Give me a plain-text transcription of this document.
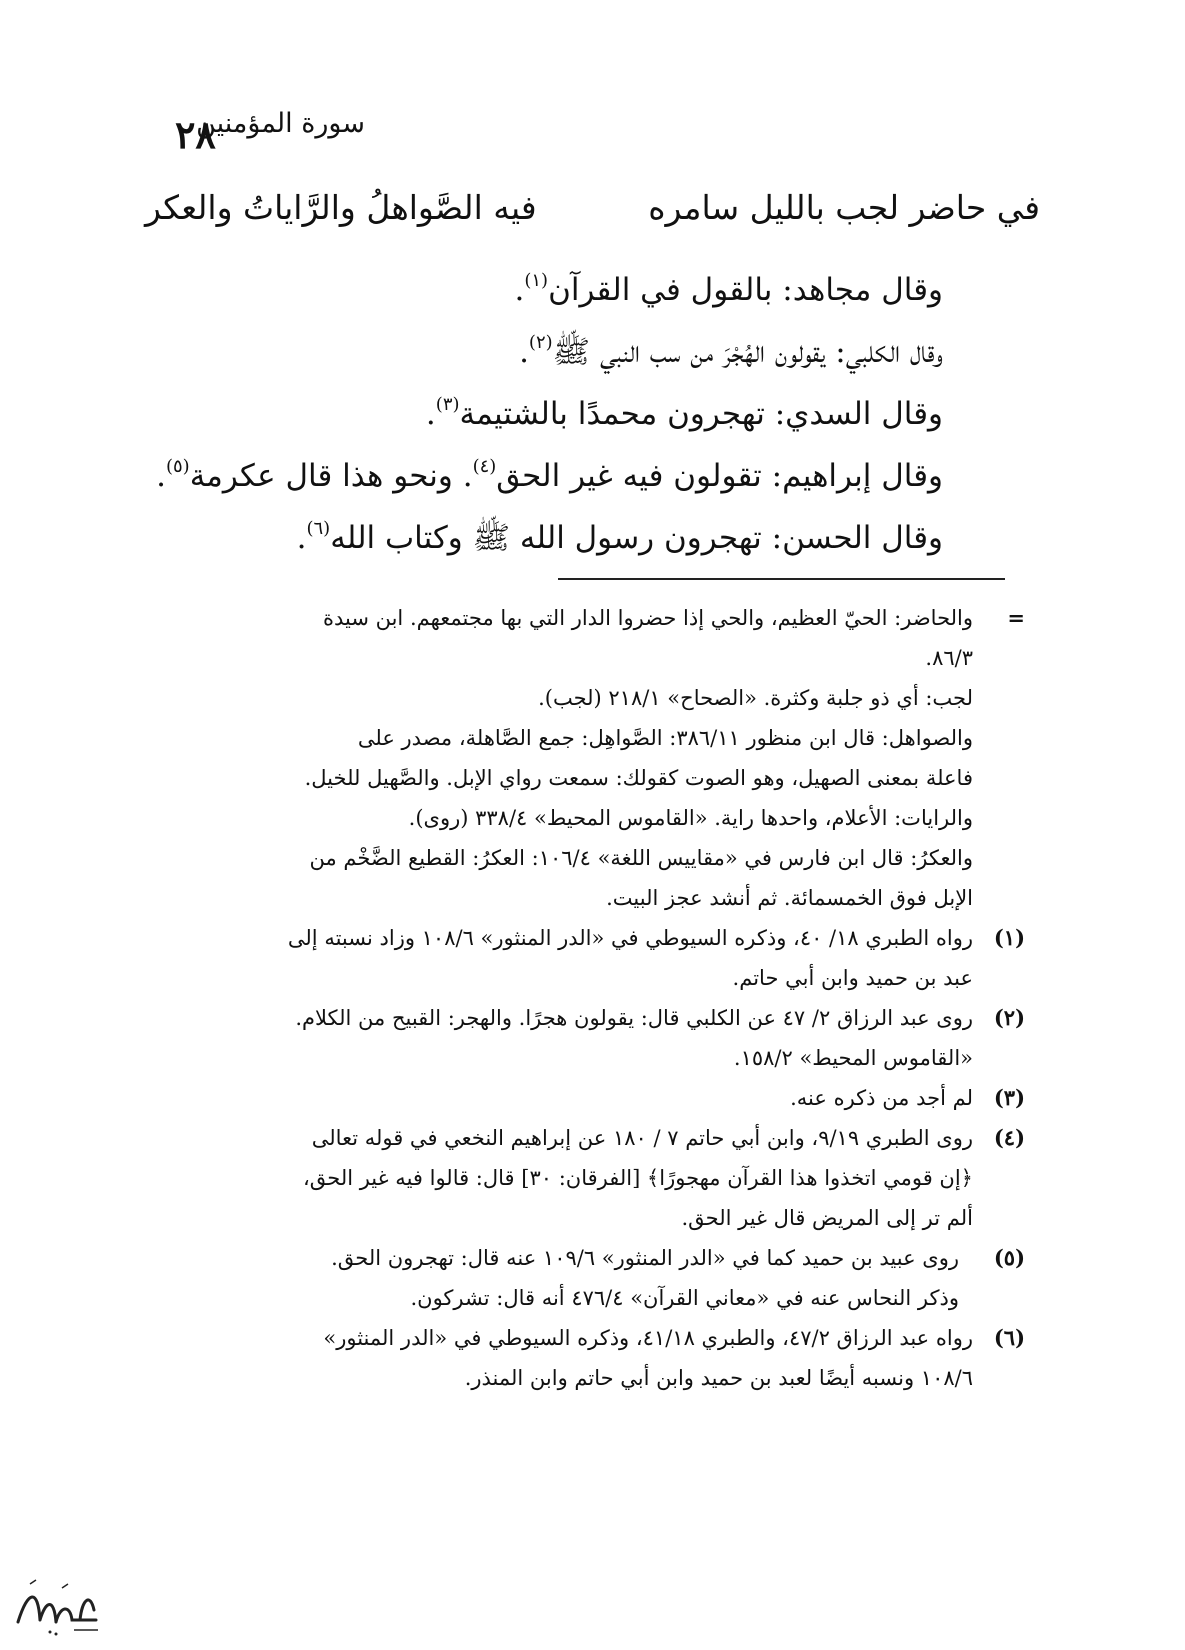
٢٨
سورة المؤمنين
في حاضر لجب بالليل سامره
فيه الصَّواهلُ والرَّاياتُ والعكر
وقال مجاهد: بالقول في القرآن$^{(١)}$.
وقال الكلبي: يقولون الهُجْرَ من سب النبي ﷺ$^{(٢)}$.
وقال السدي: تهجرون محمدًا بالشتيمة$^{(٣)}$.
وقال إبراهيم: تقولون فيه غير الحق$^{(٤)}$. ونحو هذا قال عكرمة$^{(٥)}$.
وقال الحسن: تهجرون رسول الله ﷺ وكتاب الله$^{(٦)}$.
=
والحاضر: الحيّ العظيم، والحي إذا حضروا الدار التي بها مجتمعهم. ابن سيدة
٨٦/٣.
لجب: أي ذو جلبة وكثرة. «الصحاح» ٢١٨/١ (لجب).
والصواهل: قال ابن منظور ٣٨٦/١١: الصَّواهِل: جمع الصَّاهلة، مصدر على
فاعلة بمعنى الصهيل، وهو الصوت كقولك: سمعت رواي الإبل. والصَّهيل للخيل.
والرايات: الأعلام، واحدها راية. «القاموس المحيط» ٣٣٨/٤ (روى).
والعكرُ: قال ابن فارس في «مقاييس اللغة» ١٠٦/٤: العكرُ: القطيع الضَّخْم من
الإبل فوق الخمسمائة. ثم أنشد عجز البيت.
(١)
رواه الطبري ١٨/ ٤٠، وذكره السيوطي في «الدر المنثور» ١٠٨/٦ وزاد نسبته إلى
عبد بن حميد وابن أبي حاتم.
(٢)
روى عبد الرزاق ٢/ ٤٧ عن الكلبي قال: يقولون هجرًا. والهجر: القبيح من الكلام.
«القاموس المحيط» ١٥٨/٢.
(٣)
لم أجد من ذكره عنه.
(٤)
روى الطبري ٩/١٩، وابن أبي حاتم ٧ / ١٨٠ عن إبراهيم النخعي في قوله تعالى
﴿إن قومي اتخذوا هذا القرآن مهجورًا﴾ [الفرقان: ٣٠] قال: قالوا فيه غير الحق،
ألم تر إلى المريض قال غير الحق.
(٥)
روى عبيد بن حميد كما في «الدر المنثور» ١٠٩/٦ عنه قال: تهجرون الحق.
وذكر النحاس عنه في «معاني القرآن» ٤٧٦/٤ أنه قال: تشركون.
(٦)
رواه عبد الرزاق ٤٧/٢، والطبري ٤١/١٨، وذكره السيوطي في «الدر المنثور»
١٠٨/٦ ونسبه أيضًا لعبد بن حميد وابن أبي حاتم وابن المنذر.
